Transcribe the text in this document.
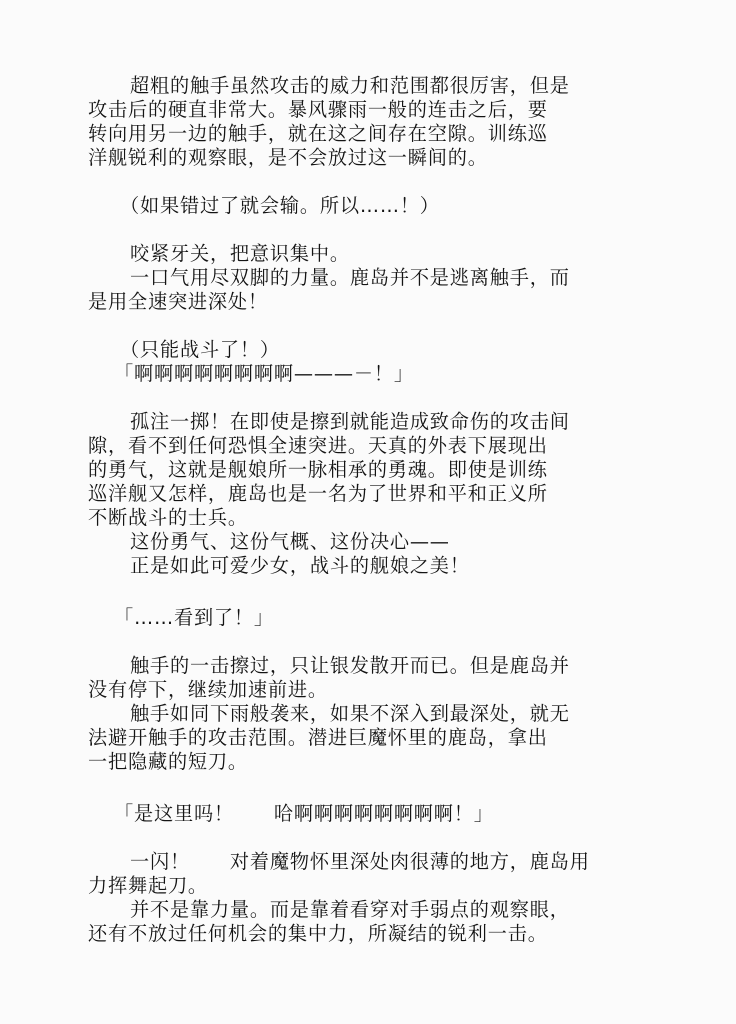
超粗的触手虽然攻击的威力和范围都很厉害，但是
攻击后的硬直非常大。暴风骤雨一般的连击之后，要
转向用另一边的触手，就在这之间存在空隙。训练巡
洋舰锐利的观察眼，是不会放过这一瞬间的。
（如果错过了就会输。所以……！）
咬紧牙关，把意识集中。
一口气用尽双脚的力量。鹿岛并不是逃离触手，而
是用全速突进深处！
（只能战斗了！）
「啊啊啊啊啊啊啊啊———－！」
孤注一掷！在即使是擦到就能造成致命伤的攻击间
隙，看不到任何恐惧全速突进。天真的外表下展现出
的勇气，这就是舰娘所一脉相承的勇魂。即使是训练
巡洋舰又怎样，鹿岛也是一名为了世界和平和正义所
不断战斗的士兵。
这份勇气、这份气概、这份决心——
正是如此可爱少女，战斗的舰娘之美！
「……看到了！」
触手的一击擦过，只让银发散开而已。但是鹿岛并
没有停下，继续加速前进。
触手如同下雨般袭来，如果不深入到最深处，就无
法避开触手的攻击范围。潜进巨魔怀里的鹿岛，拿出
一把隐藏的短刀。
「是这里吗！　　哈啊啊啊啊啊啊啊啊！」
一闪！　　对着魔物怀里深处肉很薄的地方，鹿岛用
力挥舞起刀。
并不是靠力量。而是靠着看穿对手弱点的观察眼，
还有不放过任何机会的集中力，所凝结的锐利一击。
